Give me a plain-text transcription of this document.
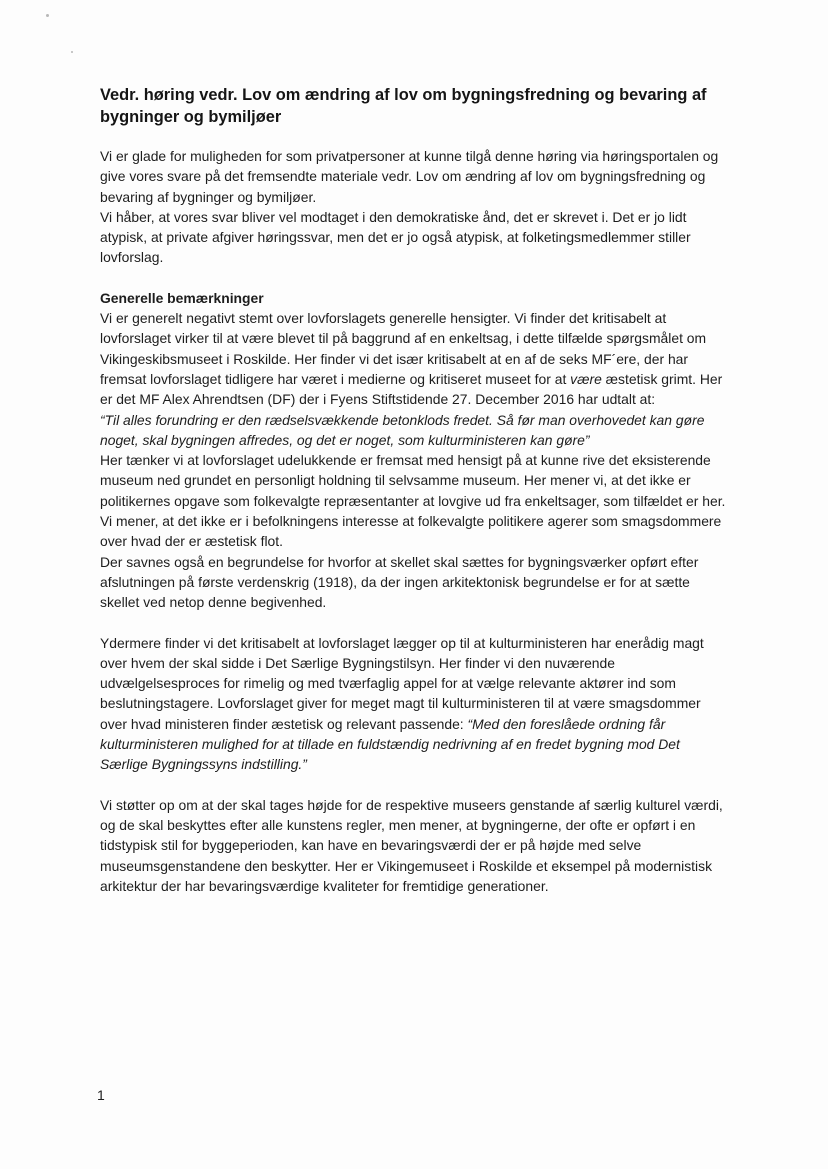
Vedr. høring vedr. Lov om ændring af lov om bygningsfredning og bevaring af bygninger og bymiljøer

Vi er glade for muligheden for som privatpersoner at kunne tilgå denne høring via høringsportalen og give vores svare på det fremsendte materiale vedr. Lov om ændring af lov om bygningsfredning og bevaring af bygninger og bymiljøer.

Vi håber, at vores svar bliver vel modtaget i den demokratiske ånd, det er skrevet i. Det er jo lidt atypisk, at private afgiver høringssvar, men det er jo også atypisk, at folketingsmedlemmer stiller lovforslag.

Generelle bemærkninger

Vi er generelt negativt stemt over lovforslagets generelle hensigter. Vi finder det kritisabelt at lovforslaget virker til at være blevet til på baggrund af en enkeltsag, i dette tilfælde spørgsmålet om Vikingeskibsmuseet i Roskilde. Her finder vi det især kritisabelt at en af de seks MF´ere, der har fremsat lovforslaget tidligere har været i medierne og kritiseret museet for at være æstetisk grimt. Her er det MF Alex Ahrendtsen (DF) der i Fyens Stiftstidende 27. December 2016 har udtalt at:

“Til alles forundring er den rædselsvækkende betonklods fredet. Så før man overhovedet kan gøre noget, skal bygningen affredes, og det er noget, som kulturministeren kan gøre”

Her tænker vi at lovforslaget udelukkende er fremsat med hensigt på at kunne rive det eksisterende museum ned grundet en personligt holdning til selvsamme museum. Her mener vi, at det ikke er politikernes opgave som folkevalgte repræsentanter at lovgive ud fra enkeltsager, som tilfældet er her. Vi mener, at det ikke er i befolkningens interesse at folkevalgte politikere agerer som smagsdommere over hvad der er æstetisk flot.

Der savnes også en begrundelse for hvorfor at skellet skal sættes for bygningsværker opført efter afslutningen på første verdenskrig (1918), da der ingen arkitektonisk begrundelse er for at sætte skellet ved netop denne begivenhed.

Ydermere finder vi det kritisabelt at lovforslaget lægger op til at kulturministeren har enerådig magt over hvem der skal sidde i Det Særlige Bygningstilsyn. Her finder vi den nuværende udvælgelsesproces for rimelig og med tværfaglig appel for at vælge relevante aktører ind som beslutningstagere. Lovforslaget giver for meget magt til kulturministeren til at være smagsdommer over hvad ministeren finder æstetisk og relevant passende: “Med den foreslåede ordning får kulturministeren mulighed for at tillade en fuldstændig nedrivning af en fredet bygning mod Det Særlige Bygningssyns indstilling.”

Vi støtter op om at der skal tages højde for de respektive museers genstande af særlig kulturel værdi, og de skal beskyttes efter alle kunstens regler, men mener, at bygningerne, der ofte er opført i en tidstypisk stil for byggeperioden, kan have en bevaringsværdi der er på højde med selve museumsgenstandene den beskytter. Her er Vikingemuseet i Roskilde et eksempel på modernistisk arkitektur der har bevaringsværdige kvaliteter for fremtidige generationer.

1
